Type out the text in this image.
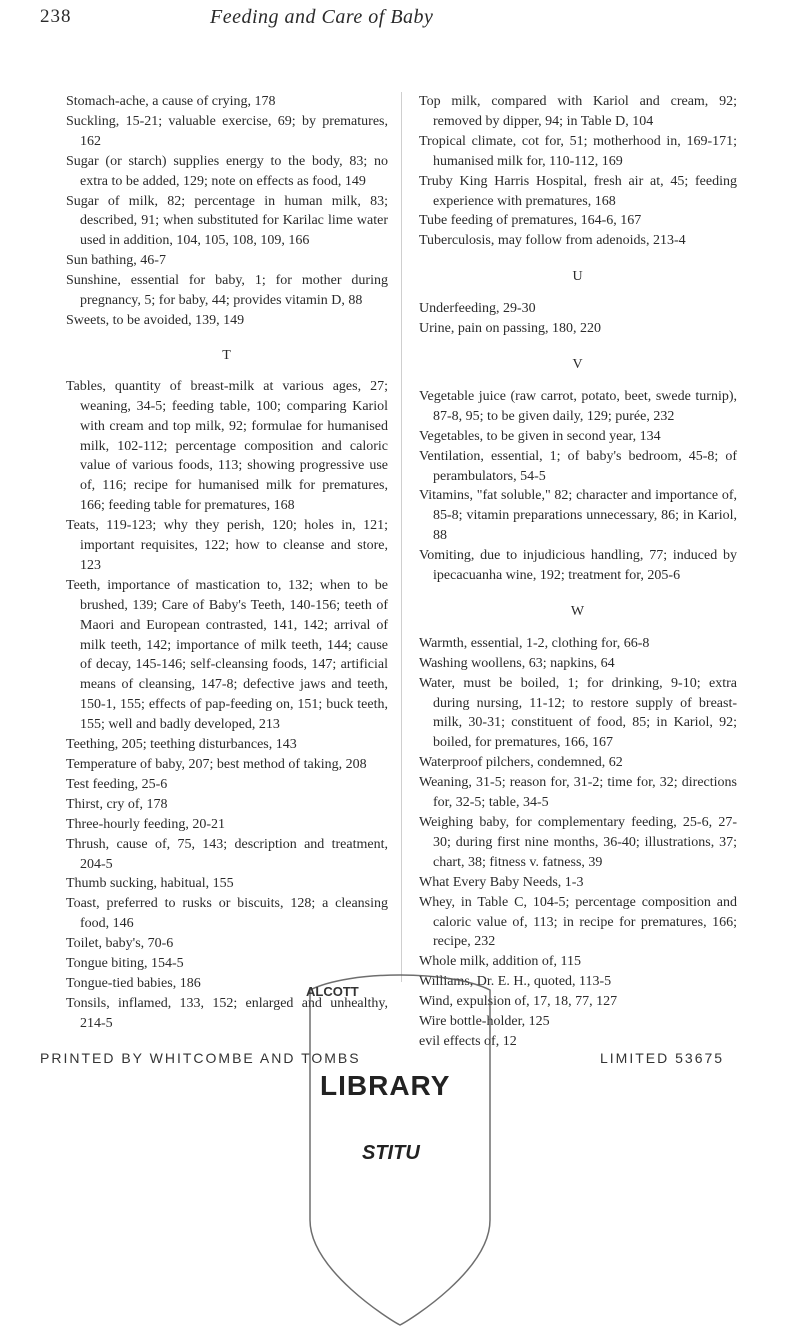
238	Feeding and Care of Baby
Stomach-ache, a cause of crying, 178
Suckling, 15-21; valuable exercise, 69; by prematures, 162
Sugar (or starch) supplies energy to the body, 83; no extra to be added, 129; note on effects as food, 149
Sugar of milk, 82; percentage in human milk, 83; described, 91; when substituted for Karilac lime water used in addition, 104, 105, 108, 109, 166
Sun bathing, 46-7
Sunshine, essential for baby, 1; for mother during pregnancy, 5; for baby, 44; provides vitamin D, 88
Sweets, to be avoided, 139, 149
T
Tables, quantity of breast-milk at various ages, 27; weaning, 34-5; feeding table, 100; comparing Kariol with cream and top milk, 92; formulae for humanised milk, 102-112; percentage composition and caloric value of various foods, 113; showing progressive use of, 116; recipe for humanised milk for prematures, 166; feeding table for prematures, 168
Teats, 119-123; why they perish, 120; holes in, 121; important requisites, 122; how to cleanse and store, 123
Teeth, importance of mastication to, 132; when to be brushed, 139; Care of Baby's Teeth, 140-156; teeth of Maori and European contrasted, 141, 142; arrival of milk teeth, 142; importance of milk teeth, 144; cause of decay, 145-146; self-cleansing foods, 147; artificial means of cleansing, 147-8; defective jaws and teeth, 150-1, 155; effects of pap-feeding on, 151; buck teeth, 155; well and badly developed, 213
Teething, 205; teething disturbances, 143
Temperature of baby, 207; best method of taking, 208
Test feeding, 25-6
Thirst, cry of, 178
Three-hourly feeding, 20-21
Thrush, cause of, 75, 143; description and treatment, 204-5
Thumb sucking, habitual, 155
Toast, preferred to rusks or biscuits, 128; a cleansing food, 146
Toilet, baby's, 70-6
Tongue biting, 154-5
Tongue-tied babies, 186
Tonsils, inflamed, 133, 152; enlarged and unhealthy, 214-5
Top milk, compared with Kariol and cream, 92; removed by dipper, 94; in Table D, 104
Tropical climate, cot for, 51; motherhood in, 169-171; humanised milk for, 110-112, 169
Truby King Harris Hospital, fresh air at, 45; feeding experience with prematures, 168
Tube feeding of prematures, 164-6, 167
Tuberculosis, may follow from adenoids, 213-4
U
Underfeeding, 29-30
Urine, pain on passing, 180, 220
V
Vegetable juice (raw carrot, potato, beet, swede turnip), 87-8, 95; to be given daily, 129; purée, 232
Vegetables, to be given in second year, 134
Ventilation, essential, 1; of baby's bedroom, 45-8; of perambulators, 54-5
Vitamins, "fat soluble," 82; character and importance of, 85-8; vitamin preparations unnecessary, 86; in Kariol, 88
Vomiting, due to injudicious handling, 77; induced by ipecacuanha wine, 192; treatment for, 205-6
W
Warmth, essential, 1-2, clothing for, 66-8
Washing woollens, 63; napkins, 64
Water, must be boiled, 1; for drinking, 9-10; extra during nursing, 11-12; to restore supply of breast-milk, 30-31; constituent of food, 85; in Kariol, 92; boiled, for prematures, 166, 167
Waterproof pilchers, condemned, 62
Weaning, 31-5; reason for, 31-2; time for, 32; directions for, 32-5; table, 34-5
Weighing baby, for complementary feeding, 25-6, 27-30; during first nine months, 36-40; illustrations, 37; chart, 38; fitness v. fatness, 39
What Every Baby Needs, 1-3
Whey, in Table C, 104-5; percentage composition and caloric value of, 113; in recipe for prematures, 166; recipe, 232
Whole milk, addition of, 115
Williams, Dr. E. H., quoted, 113-5
Wind, expulsion of, 17, 18, 77, 127
Wire bottle-holder, 125
evil effects of, 12
PRINTED BY WHITCOMBE AND TOMBS	LIMITED 53675
ALCOTT
LIBRARY
STITU
